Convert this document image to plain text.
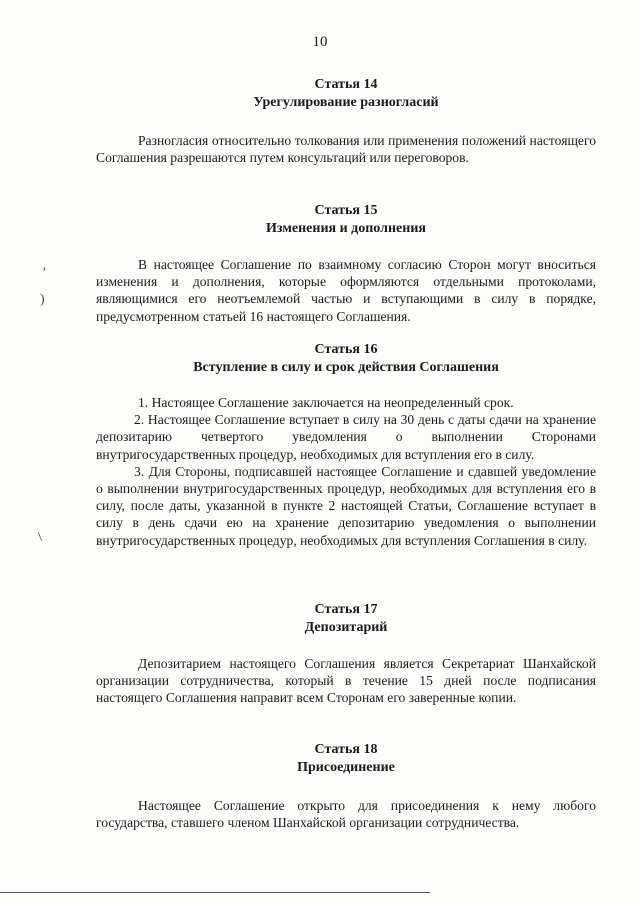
10
Статья 14
Урегулирование разногласий

Разногласия относительно толкования или применения положений настоящего Соглашения разрешаются путем консультаций или переговоров.

Статья 15
Изменения и дополнения

В настоящее Соглашение по взаимному согласию Сторон могут вноситься изменения и дополнения, которые оформляются отдельными протоколами, являющимися его неотъемлемой частью и вступающими в силу в порядке, предусмотренном статьей 16 настоящего Соглашения.

Статья 16
Вступление в силу и срок действия Соглашения

1. Настоящее Соглашение заключается на неопределенный срок.

2. Настоящее Соглашение вступает в силу на 30 день с даты сдачи на хранение депозитарию четвертого уведомления о выполнении Сторонами внутригосударственных процедур, необходимых для вступления его в силу.

3. Для Стороны, подписавшей настоящее Соглашение и сдавшей уведомление о выполнении внутригосударственных процедур, необходимых для вступления его в силу, после даты, указанной в пункте 2 настоящей Статьи, Соглашение вступает в силу в день сдачи ею на хранение депозитарию уведомления о выполнении внутригосударственных процедур, необходимых для вступления Соглашения в силу.

Статья 17
Депозитарий

Депозитарием настоящего Соглашения является Секретариат Шанхайской организации сотрудничества, который в течение 15 дней после подписания настоящего Соглашения направит всем Сторонам его заверенные копии.

Статья 18
Присоединение

Настоящее Соглашение открыто для присоединения к нему любого государства, ставшего членом Шанхайской организации сотрудничества.

‚
)
\
